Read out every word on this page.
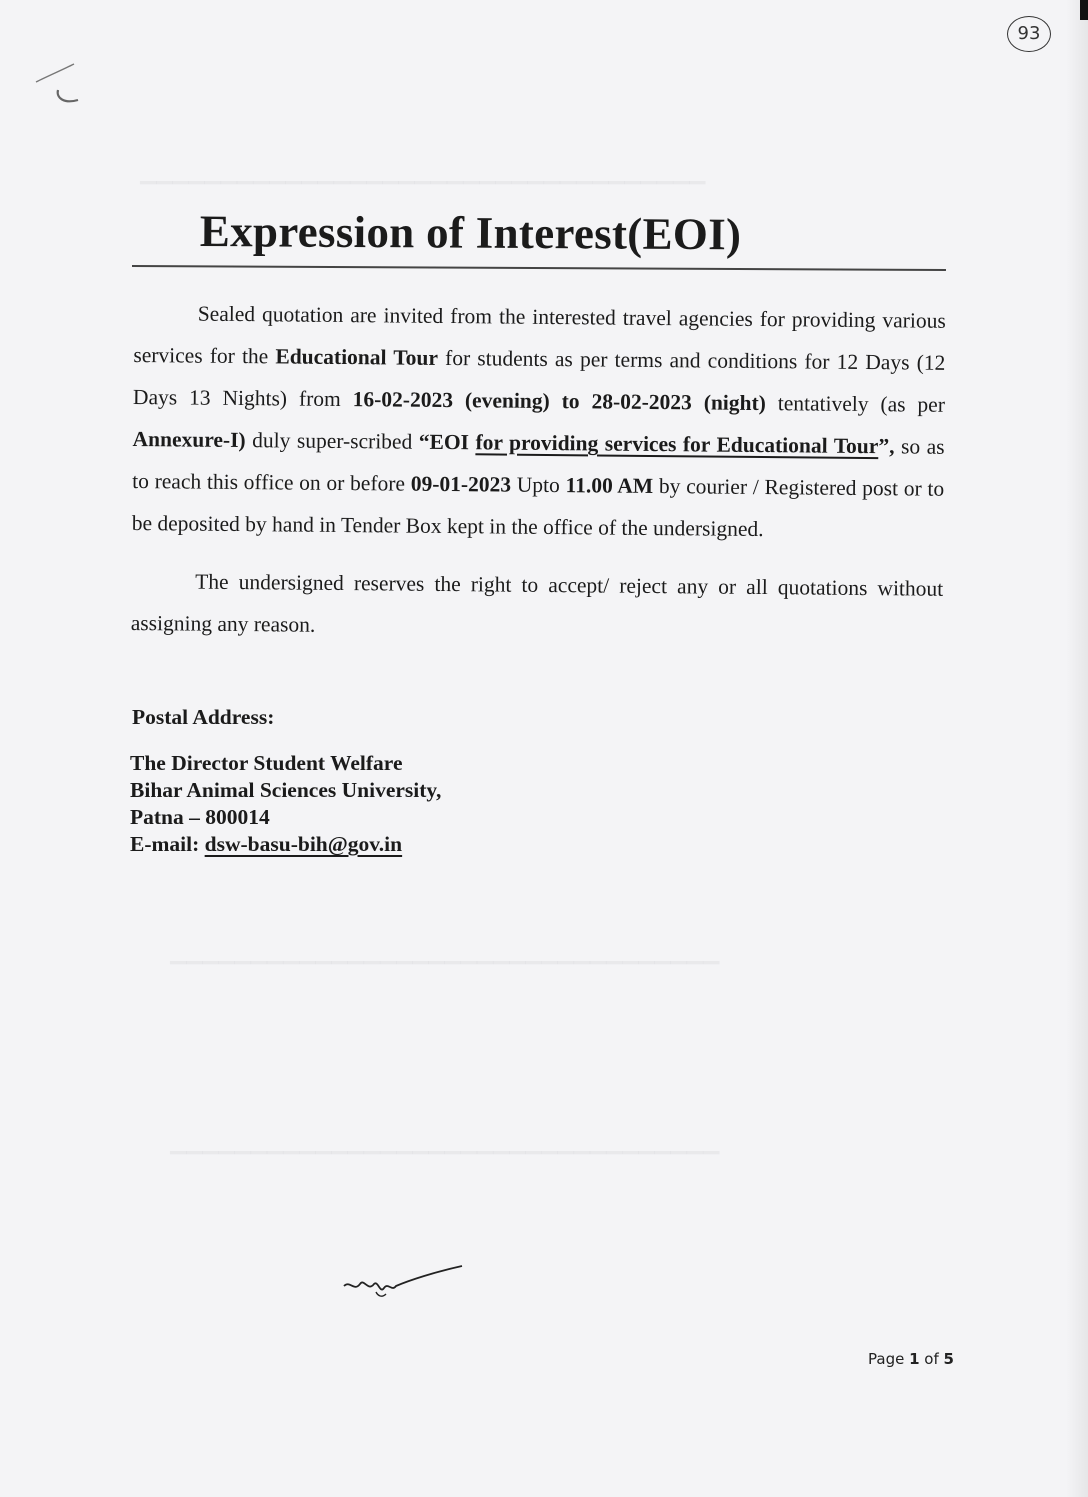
▁▁▁▁▁▁▁▁▁▁▁▁▁▁▁▁▁▁▁▁▁▁▁▁▁▁▁▁▁▁▁▁▁▁▁
▁▁▁▁▁▁▁▁▁▁▁▁▁▁▁▁▁▁▁▁▁▁▁▁▁▁▁▁▁▁▁▁▁▁
▁▁▁▁▁▁▁▁▁▁▁▁▁▁▁▁▁▁▁▁▁▁▁▁▁▁▁▁▁▁▁▁▁▁
93
Expression of Interest(EOI)

Sealed quotation are invited from the interested travel agencies for providing various services for the Educational Tour for students as per terms and conditions for 12 Days (12 Days 13 Nights) from 16-02-2023 (evening) to 28-02-2023 (night) tentatively (as per Annexure-I) duly super-scribed “EOI for providing services for Educational Tour”, so as to reach this office on or before 09-01-2023 Upto 11.00 AM by courier / Registered post or to be deposited by hand in Tender Box kept in the office of the undersigned.

The undersigned reserves the right to accept/ reject any or all quotations without assigning any reason.

Postal Address:
The Director Student Welfare
Bihar Animal Sciences University,
Patna – 800014
E-mail: dsw-basu-bih@gov.in
Page 1 of 5
